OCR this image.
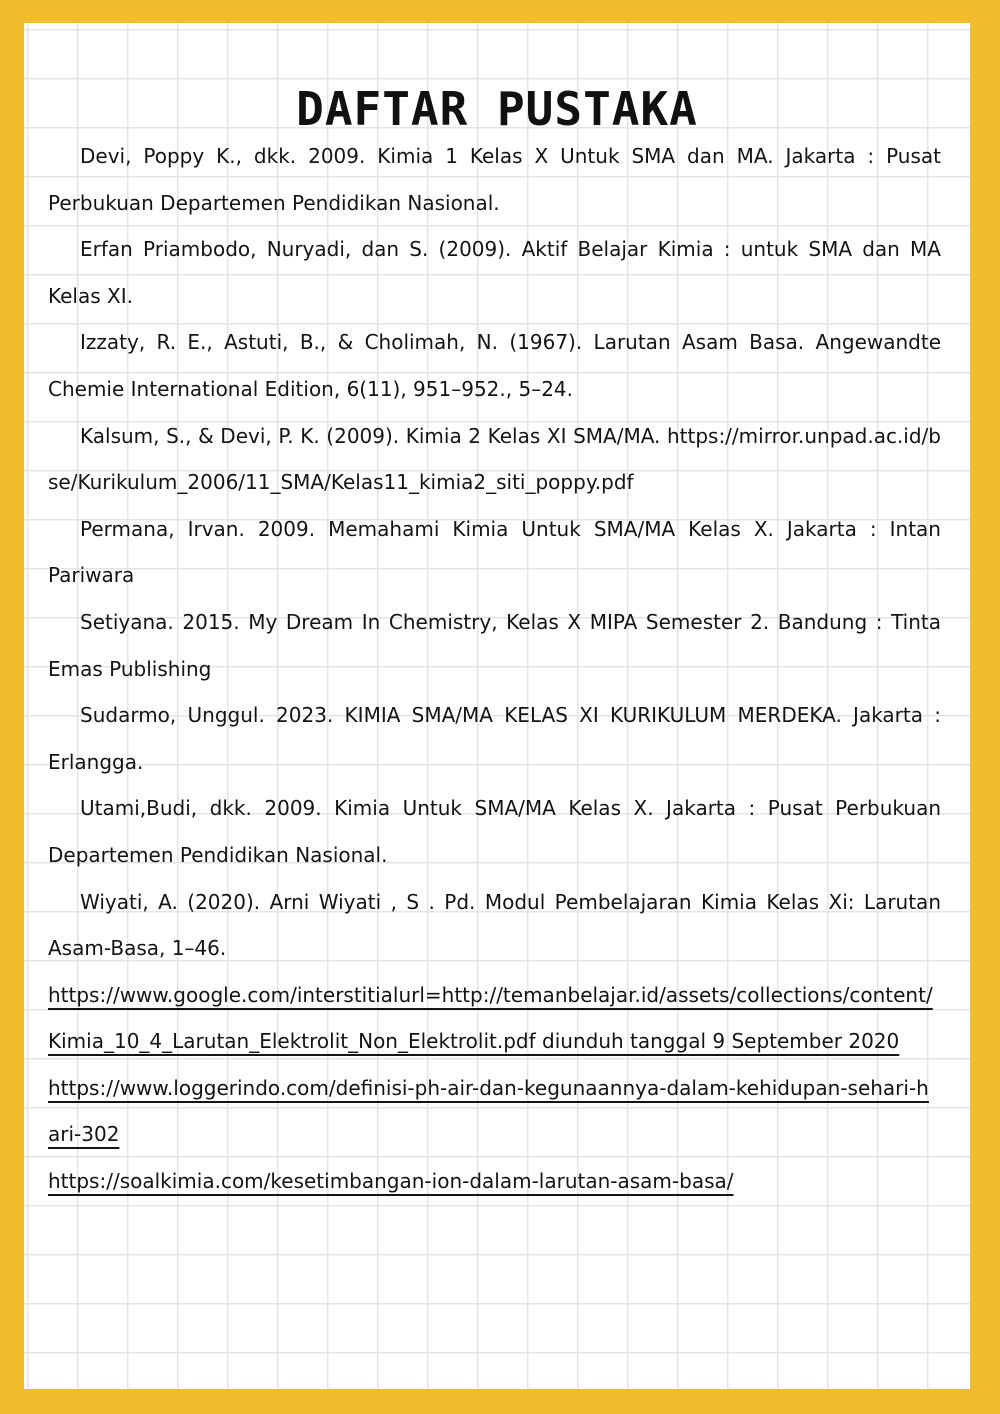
DAFTAR PUSTAKA

Devi, Poppy K., dkk. 2009. Kimia 1 Kelas X Untuk SMA dan MA. Jakarta : Pusat Perbukuan Departemen Pendidikan Nasional.

Erfan Priambodo, Nuryadi, dan S. (2009). Aktif Belajar Kimia : untuk SMA dan MA Kelas XI.

Izzaty, R. E., Astuti, B., & Cholimah, N. (1967). Larutan Asam Basa. Angewandte Chemie International Edition, 6(11), 951–952., 5–24.

Kalsum, S., & Devi, P. K. (2009). Kimia 2 Kelas XI SMA/MA. https://mirror.unpad.ac.id/bse/Kurikulum_2006/11_SMA/Kelas11_kimia2_siti_poppy.pdf

Permana, Irvan. 2009. Memahami Kimia Untuk SMA/MA Kelas X. Jakarta : Intan Pariwara

Setiyana. 2015. My Dream In Chemistry, Kelas X MIPA Semester 2. Bandung : Tinta Emas Publishing

Sudarmo, Unggul. 2023. KIMIA SMA/MA KELAS XI KURIKULUM MERDEKA. Jakarta : Erlangga.

Utami,Budi, dkk. 2009. Kimia Untuk SMA/MA Kelas X. Jakarta : Pusat Perbukuan Departemen Pendidikan Nasional.

Wiyati, A. (2020). Arni Wiyati , S . Pd. Modul Pembelajaran Kimia Kelas Xi: Larutan Asam-Basa, 1–46.

https://www.google.com/interstitialurl=http://temanbelajar.id/assets/collections/content/Kimia_10_4_Larutan_Elektrolit_Non_Elektrolit.pdf diunduh tanggal 9 September 2020

https://www.loggerindo.com/definisi-ph-air-dan-kegunaannya-dalam-kehidupan-sehari-hari-302

https://soalkimia.com/kesetimbangan-ion-dalam-larutan-asam-basa/
